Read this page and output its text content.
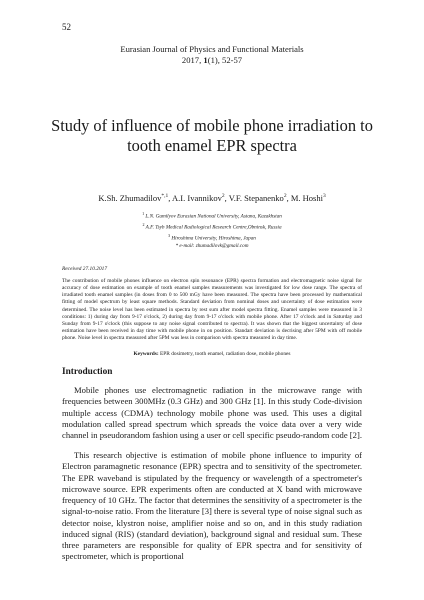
52
Eurasian Journal of Physics and Functional Materials
2017, 1(1), 52-57
Study of influence of mobile phone irradiation to tooth enamel EPR spectra
K.Sh. Zhumadilov$^{*,1}$, A.I. Ivannikov$^2$, V.F. Stepanenko$^2$, M. Hoshi$^3$
$^1$ L.N. Gumilyov Eurasian National University, Astana, Kazakhstan
$^2$ A.F. Tsyb Medical Radiological Research Centre,Obninsk, Russia
$^3$ Hiroshima University, Hiroshima, Japan
* e-mail: zhumadilovk@gmail.com
Received 27.10.2017
The contribution of mobile phones influence on electron spin resonance (EPR) spectra formation and electromagnetic noise signal for accuracy of dose estimation on example of tooth enamel samples measurements was investigated for low dose range. The spectra of irradiated tooth enamel samples (in doses from 0 to 500 mGy have been measured. The spectra have been processed by mathematical fitting of model spectrum by least square methods. Standard deviation from nominal doses and uncertainty of dose estimation were determined. The noise level has been estimated in spectra by rest sum after model spectra fitting. Enamel samples were measured in 3 conditions: 1) during day from 9-17 o'clock, 2) during day from 9-17 o'clock with mobile phone. After 17 o'clock and in Saturday and Sunday from 9-17 o'clock (this suppose to any noise signal contributed to spectra). It was shown that the biggest uncertainty of dose estimation have been received in day time with mobile phone in on position. Standart deviation is decrising after 5PM with off mobile phone. Noise level in spectra measured after 5PM was less in comparison with spectra measured in day time.
Keywords: EPR dosimetry, tooth enamel, radiation dose, mobile phones
Introduction

Mobile phones use electromagnetic radiation in the microwave range with frequencies between 300MHz (0.3 GHz) and 300 GHz [1]. In this study Code-division multiple access (CDMA) technology mobile phone was used. This uses a digital modulation called spread spectrum which spreads the voice data over a very wide channel in pseudorandom fashion using a user or cell specific pseudo-random code [2].

This research objective is estimation of mobile phone influence to impurity of Electron paramagnetic resonance (EPR) spectra and to sensitivity of the spectrometer. The EPR waveband is stipulated by the frequency or wavelength of a spectrometer's microwave source. EPR experiments often are conducted at X band with microwave frequency of 10 GHz. The factor that determines the sensitivity of a spectrometer is the signal-to-noise ratio. From the literature [3] there is several type of noise signal such as detector noise, klystron noise, amplifier noise and so on, and in this study radiation induced signal (RIS) (standard deviation), background signal and residual sum. These three parameters are responsible for quality of EPR spectra and for sensitivity of spectrometer, which is proportional
